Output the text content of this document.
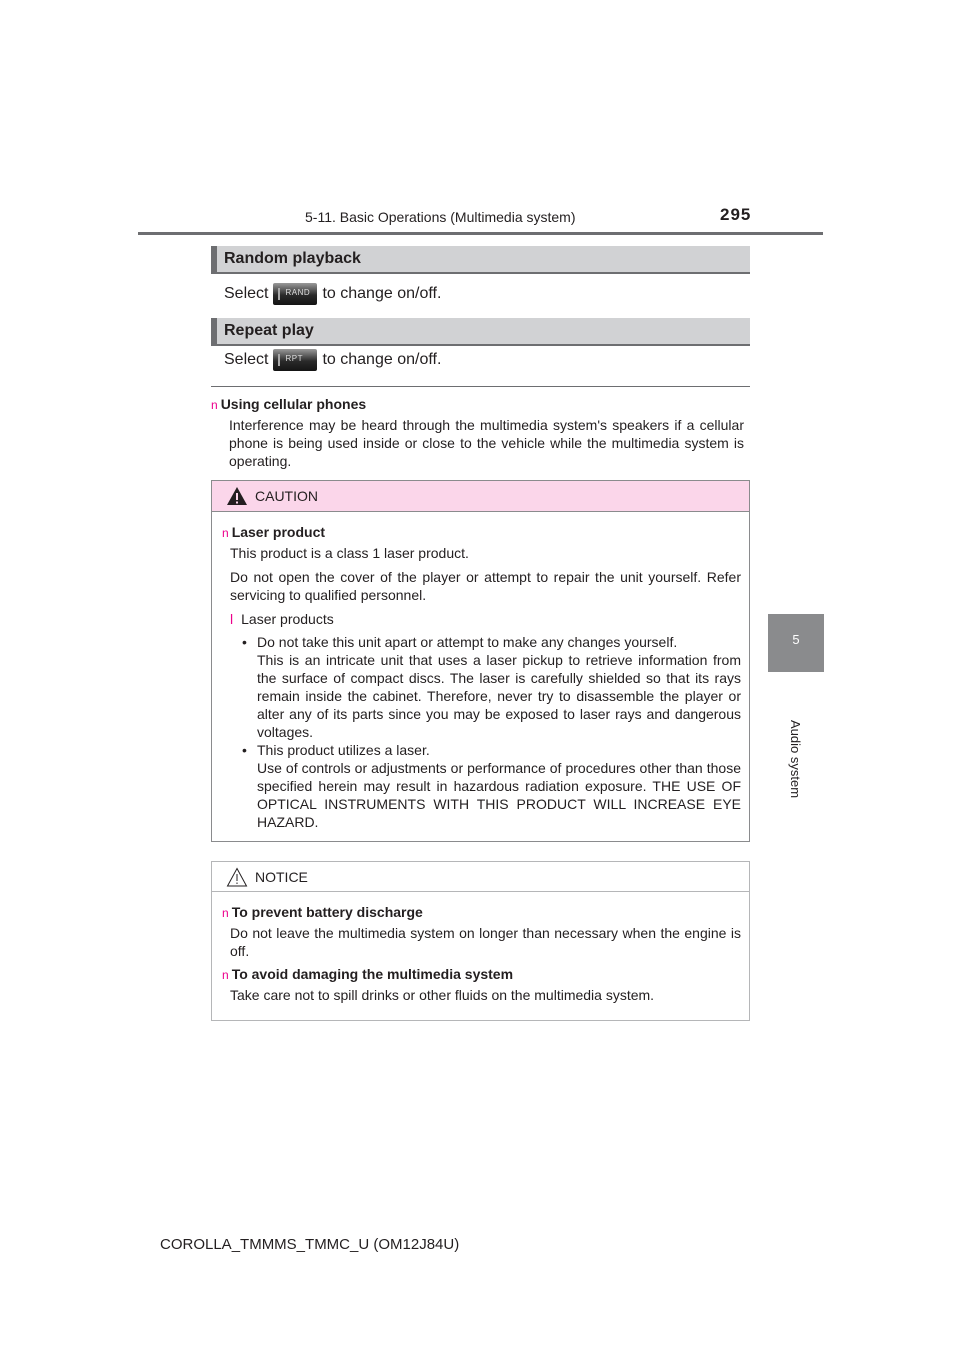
5-11. Basic Operations (Multimedia system)	295
5
Audio system
Random playback
Select RAND to change on/off.
Repeat play
Select RPT	to change on/off.
n Using cellular phones
Interference may be heard through the multimedia system's speakers if a cellular phone is being used inside or close to the vehicle while the multimedia system is operating.
CAUTION
n Laser product
This product is a class 1 laser product.
Do not open the cover of the player or attempt to repair the unit yourself. Refer servicing to qualified personnel.
l Laser products
• Do not take this unit apart or attempt to make any changes yourself.
This is an intricate unit that uses a laser pickup to retrieve information from the surface of compact discs. The laser is carefully shielded so that its rays remain inside the cabinet. Therefore, never try to disassemble the player or alter any of its parts since you may be exposed to laser rays and dangerous voltages.
• This product utilizes a laser.
Use of controls or adjustments or performance of procedures other than those specified herein may result in hazardous radiation exposure. THE USE OF OPTICAL INSTRUMENTS WITH THIS PRODUCT WILL INCREASE EYE HAZARD.
NOTICE
n To prevent battery discharge
Do not leave the multimedia system on longer than necessary when the engine is off.
n To avoid damaging the multimedia system
Take care not to spill drinks or other fluids on the multimedia system.
COROLLA_TMMMS_TMMC_U (OM12J84U)
